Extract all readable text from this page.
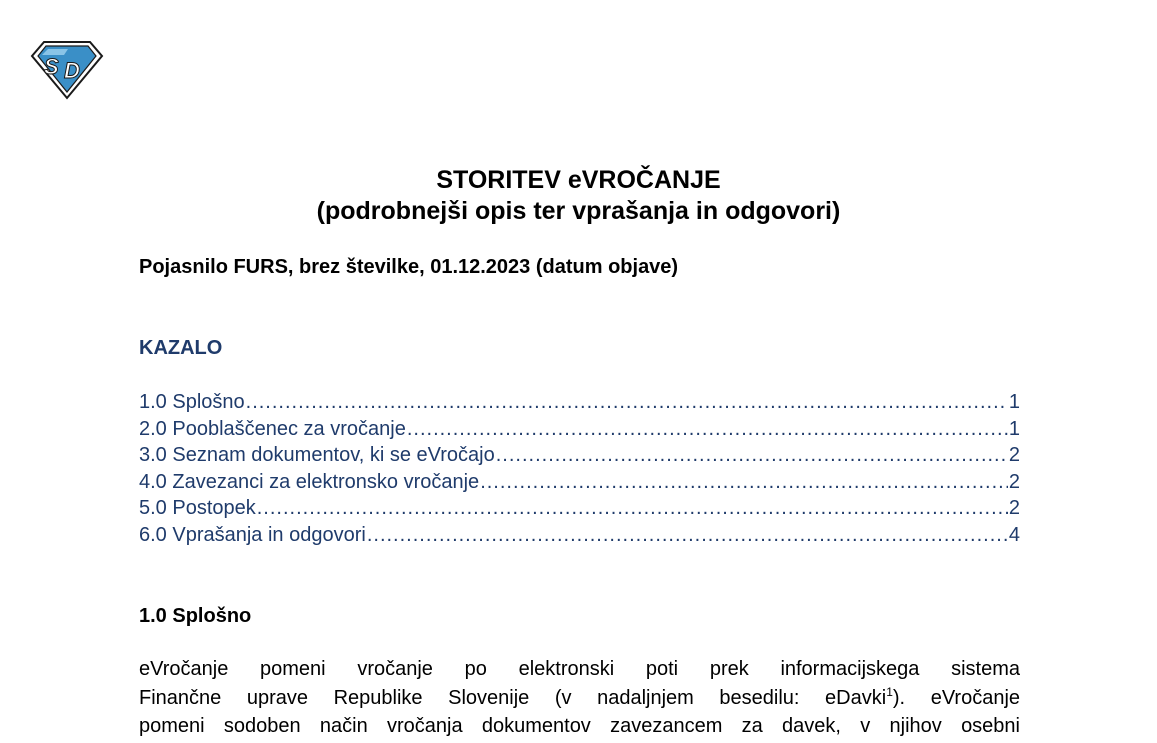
S D
STORITEV eVROČANJE
(podrobnejši opis ter vprašanja in odgovori)
Pojasnilo FURS, brez številke, 01.12.2023 (datum objave)
KAZALO
1.0 Splošno .....	1
2.0 Pooblaščenec za vročanje .....	1
3.0 Seznam dokumentov, ki se eVročajo .....	2
4.0 Zavezanci za elektronsko vročanje .....	2
5.0 Postopek .....	2
6.0 Vprašanja in odgovori .....	4
1.0 Splošno
eVročanje pomeni vročanje po elektronski poti prek informacijskega sistema
Finančne uprave Republike Slovenije (v nadaljnjem besedilu: eDavki$^1$). eVročanje
pomeni sodoben način vročanja dokumentov zavezancem za davek, v njihov osebni
